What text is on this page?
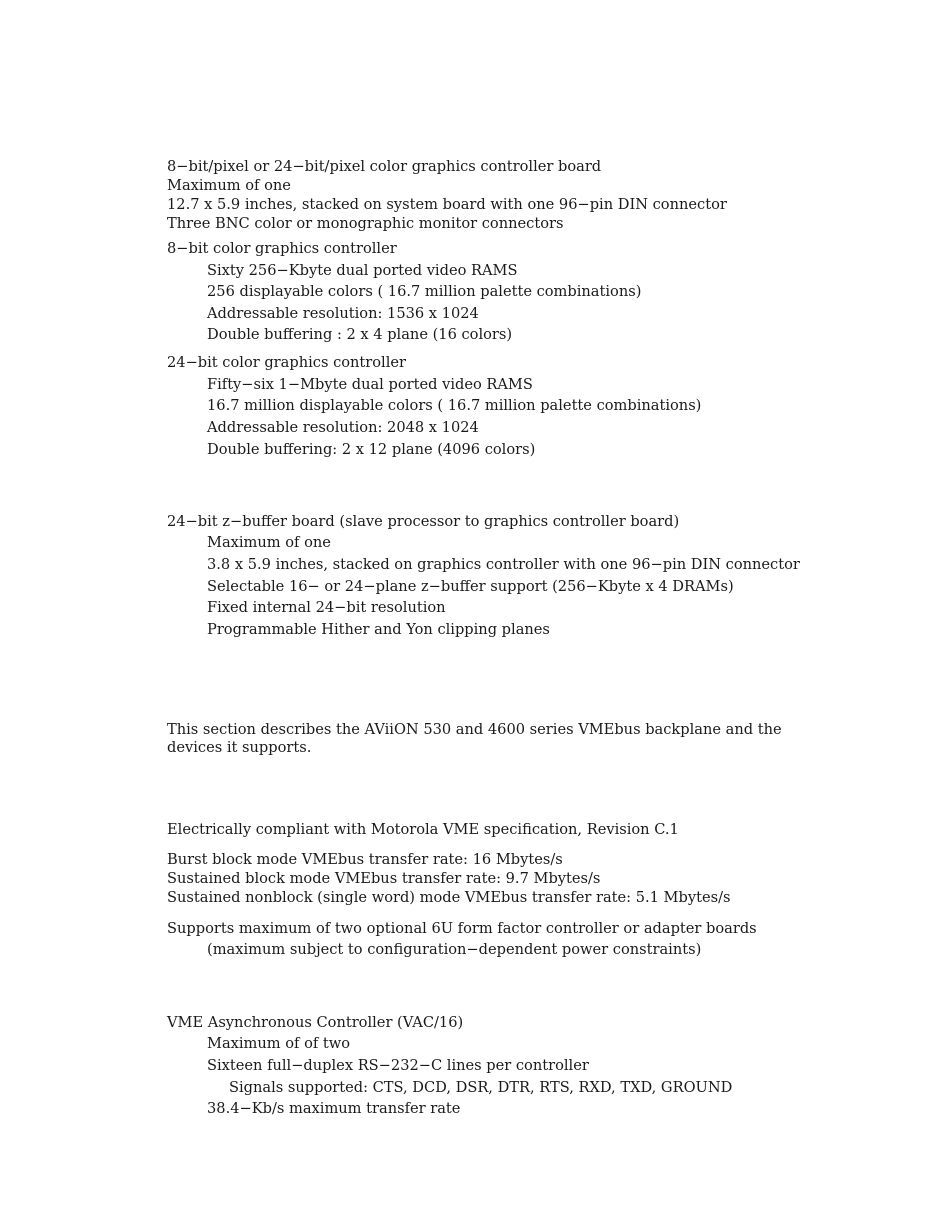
8−bit/pixel or 24−bit/pixel color graphics controller board

Maximum of one

12.7 x 5.9 inches, stacked on system board with one 96−pin DIN connector

Three BNC color or monographic monitor connectors

8−bit color graphics controller

Sixty 256−Kbyte dual ported video RAMS

256 displayable colors ( 16.7 million palette combinations)

Addressable resolution: 1536 x 1024

Double buffering : 2 x 4 plane (16 colors)

24−bit color graphics controller

Fifty−six 1−Mbyte dual ported video RAMS

16.7 million displayable colors ( 16.7 million palette combinations)

Addressable resolution: 2048 x 1024

Double buffering: 2 x 12 plane (4096 colors)

24−bit z−buffer board (slave processor to graphics controller board)

Maximum of one

3.8 x 5.9 inches, stacked on graphics controller with one 96−pin DIN connector

Selectable 16− or 24−plane z−buffer support (256−Kbyte x 4 DRAMs)

Fixed internal 24−bit resolution

Programmable Hither and Yon clipping planes

This section describes the AViiON 530 and 4600 series VMEbus backplane and the

devices it supports.

Electrically compliant with Motorola VME specification, Revision C.1

Burst block mode VMEbus transfer rate: 16 Mbytes/s

Sustained block mode VMEbus transfer rate: 9.7 Mbytes/s

Sustained nonblock (single word) mode VMEbus transfer rate: 5.1 Mbytes/s

Supports maximum of two optional 6U form factor controller or adapter boards

(maximum subject to configuration−dependent power constraints)

VME Asynchronous Controller (VAC/16)

Maximum of of two

Sixteen full−duplex RS−232−C lines per controller

Signals supported: CTS, DCD, DSR, DTR, RTS, RXD, TXD, GROUND

38.4−Kb/s maximum transfer rate
